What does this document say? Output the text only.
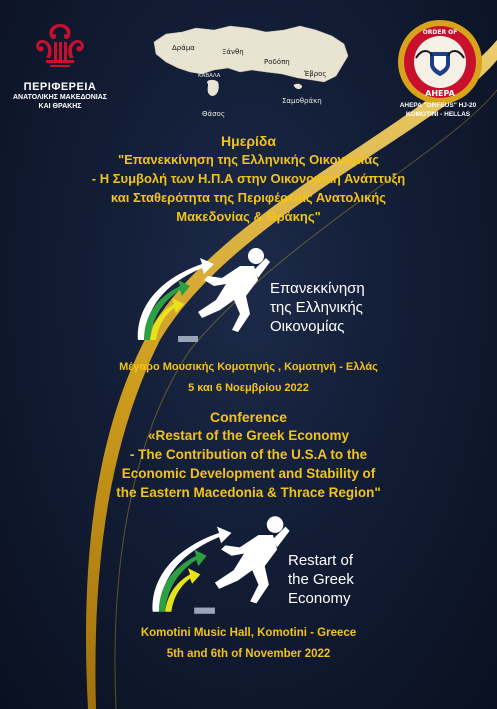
ΠΕΡΙΦΕΡΕΙΑ
ΑΝΑΤΟΛΙΚΗΣ ΜΑΚΕΔΟΝΙΑΣ
ΚΑΙ ΘΡΑΚΗΣ
Δράμα	Ξάνθη
Ροδόπη
Έβρος
ΚΑΒΑΛΑ
Θάσος
Σαμοθράκη
ORDER OF
AHEPA
AHEPA "ORFEUS" HJ-20
KOMOTINI - HELLAS
Ημερίδα
"Επανεκκίνηση της Ελληνικής Οικονομίας
- Η Συμβολή των Η.Π.Α στην Οικονομική Ανάπτυξη
και Σταθερότητα της Περιφέρειας Ανατολικής
Μακεδονίας & Θράκης"
Επανεκκίνηση
της Ελληνικής
Οικονομίας
Μέγαρο Μουσικής Κομοτηνής , Κομοτηνή - Ελλάς
5 και 6 Νοεμβρίου 2022
Conference
«Restart of the Greek Economy
- The Contribution of the U.S.A to the
Economic Development and Stability of
the Eastern Macedonia & Thrace Region"
Restart of
the Greek
Economy
Komotini Music Hall, Komotini - Greece
5th and 6th of November 2022
